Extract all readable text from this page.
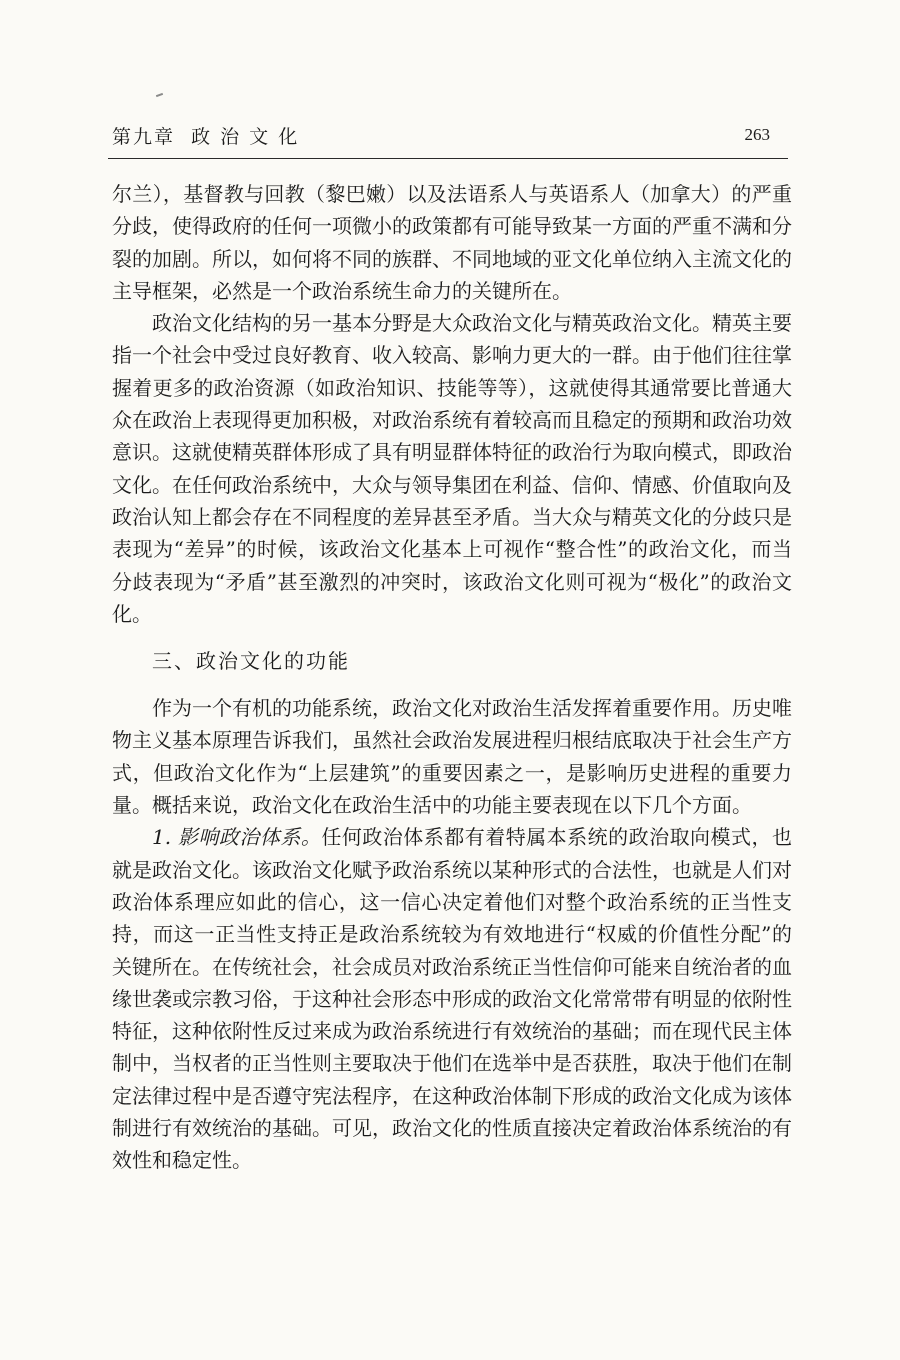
第九章  政 治 文 化	263

尔兰），基督教与回教（黎巴嫩）以及法语系人与英语系人（加拿大）的严重分歧，使得政府的任何一项微小的政策都有可能导致某一方面的严重不满和分裂的加剧。所以，如何将不同的族群、不同地域的亚文化单位纳入主流文化的主导框架，必然是一个政治系统生命力的关键所在。

政治文化结构的另一基本分野是大众政治文化与精英政治文化。精英主要指一个社会中受过良好教育、收入较高、影响力更大的一群。由于他们往往掌握着更多的政治资源（如政治知识、技能等等），这就使得其通常要比普通大众在政治上表现得更加积极，对政治系统有着较高而且稳定的预期和政治功效意识。这就使精英群体形成了具有明显群体特征的政治行为取向模式，即政治文化。在任何政治系统中，大众与领导集团在利益、信仰、情感、价值取向及政治认知上都会存在不同程度的差异甚至矛盾。当大众与精英文化的分歧只是表现为“差异”的时候，该政治文化基本上可视作“整合性”的政治文化，而当分歧表现为“矛盾”甚至激烈的冲突时，该政治文化则可视为“极化”的政治文化。

三、政治文化的功能

作为一个有机的功能系统，政治文化对政治生活发挥着重要作用。历史唯物主义基本原理告诉我们，虽然社会政治发展进程归根结底取决于社会生产方式，但政治文化作为“上层建筑”的重要因素之一，是影响历史进程的重要力量。概括来说，政治文化在政治生活中的功能主要表现在以下几个方面。

1. 影响政治体系。任何政治体系都有着特属本系统的政治取向模式，也就是政治文化。该政治文化赋予政治系统以某种形式的合法性，也就是人们对政治体系理应如此的信心，这一信心决定着他们对整个政治系统的正当性支持，而这一正当性支持正是政治系统较为有效地进行“权威的价值性分配”的关键所在。在传统社会，社会成员对政治系统正当性信仰可能来自统治者的血缘世袭或宗教习俗，于这种社会形态中形成的政治文化常常带有明显的依附性特征，这种依附性反过来成为政治系统进行有效统治的基础；而在现代民主体制中，当权者的正当性则主要取决于他们在选举中是否获胜，取决于他们在制定法律过程中是否遵守宪法程序，在这种政治体制下形成的政治文化成为该体制进行有效统治的基础。可见，政治文化的性质直接决定着政治体系统治的有效性和稳定性。
